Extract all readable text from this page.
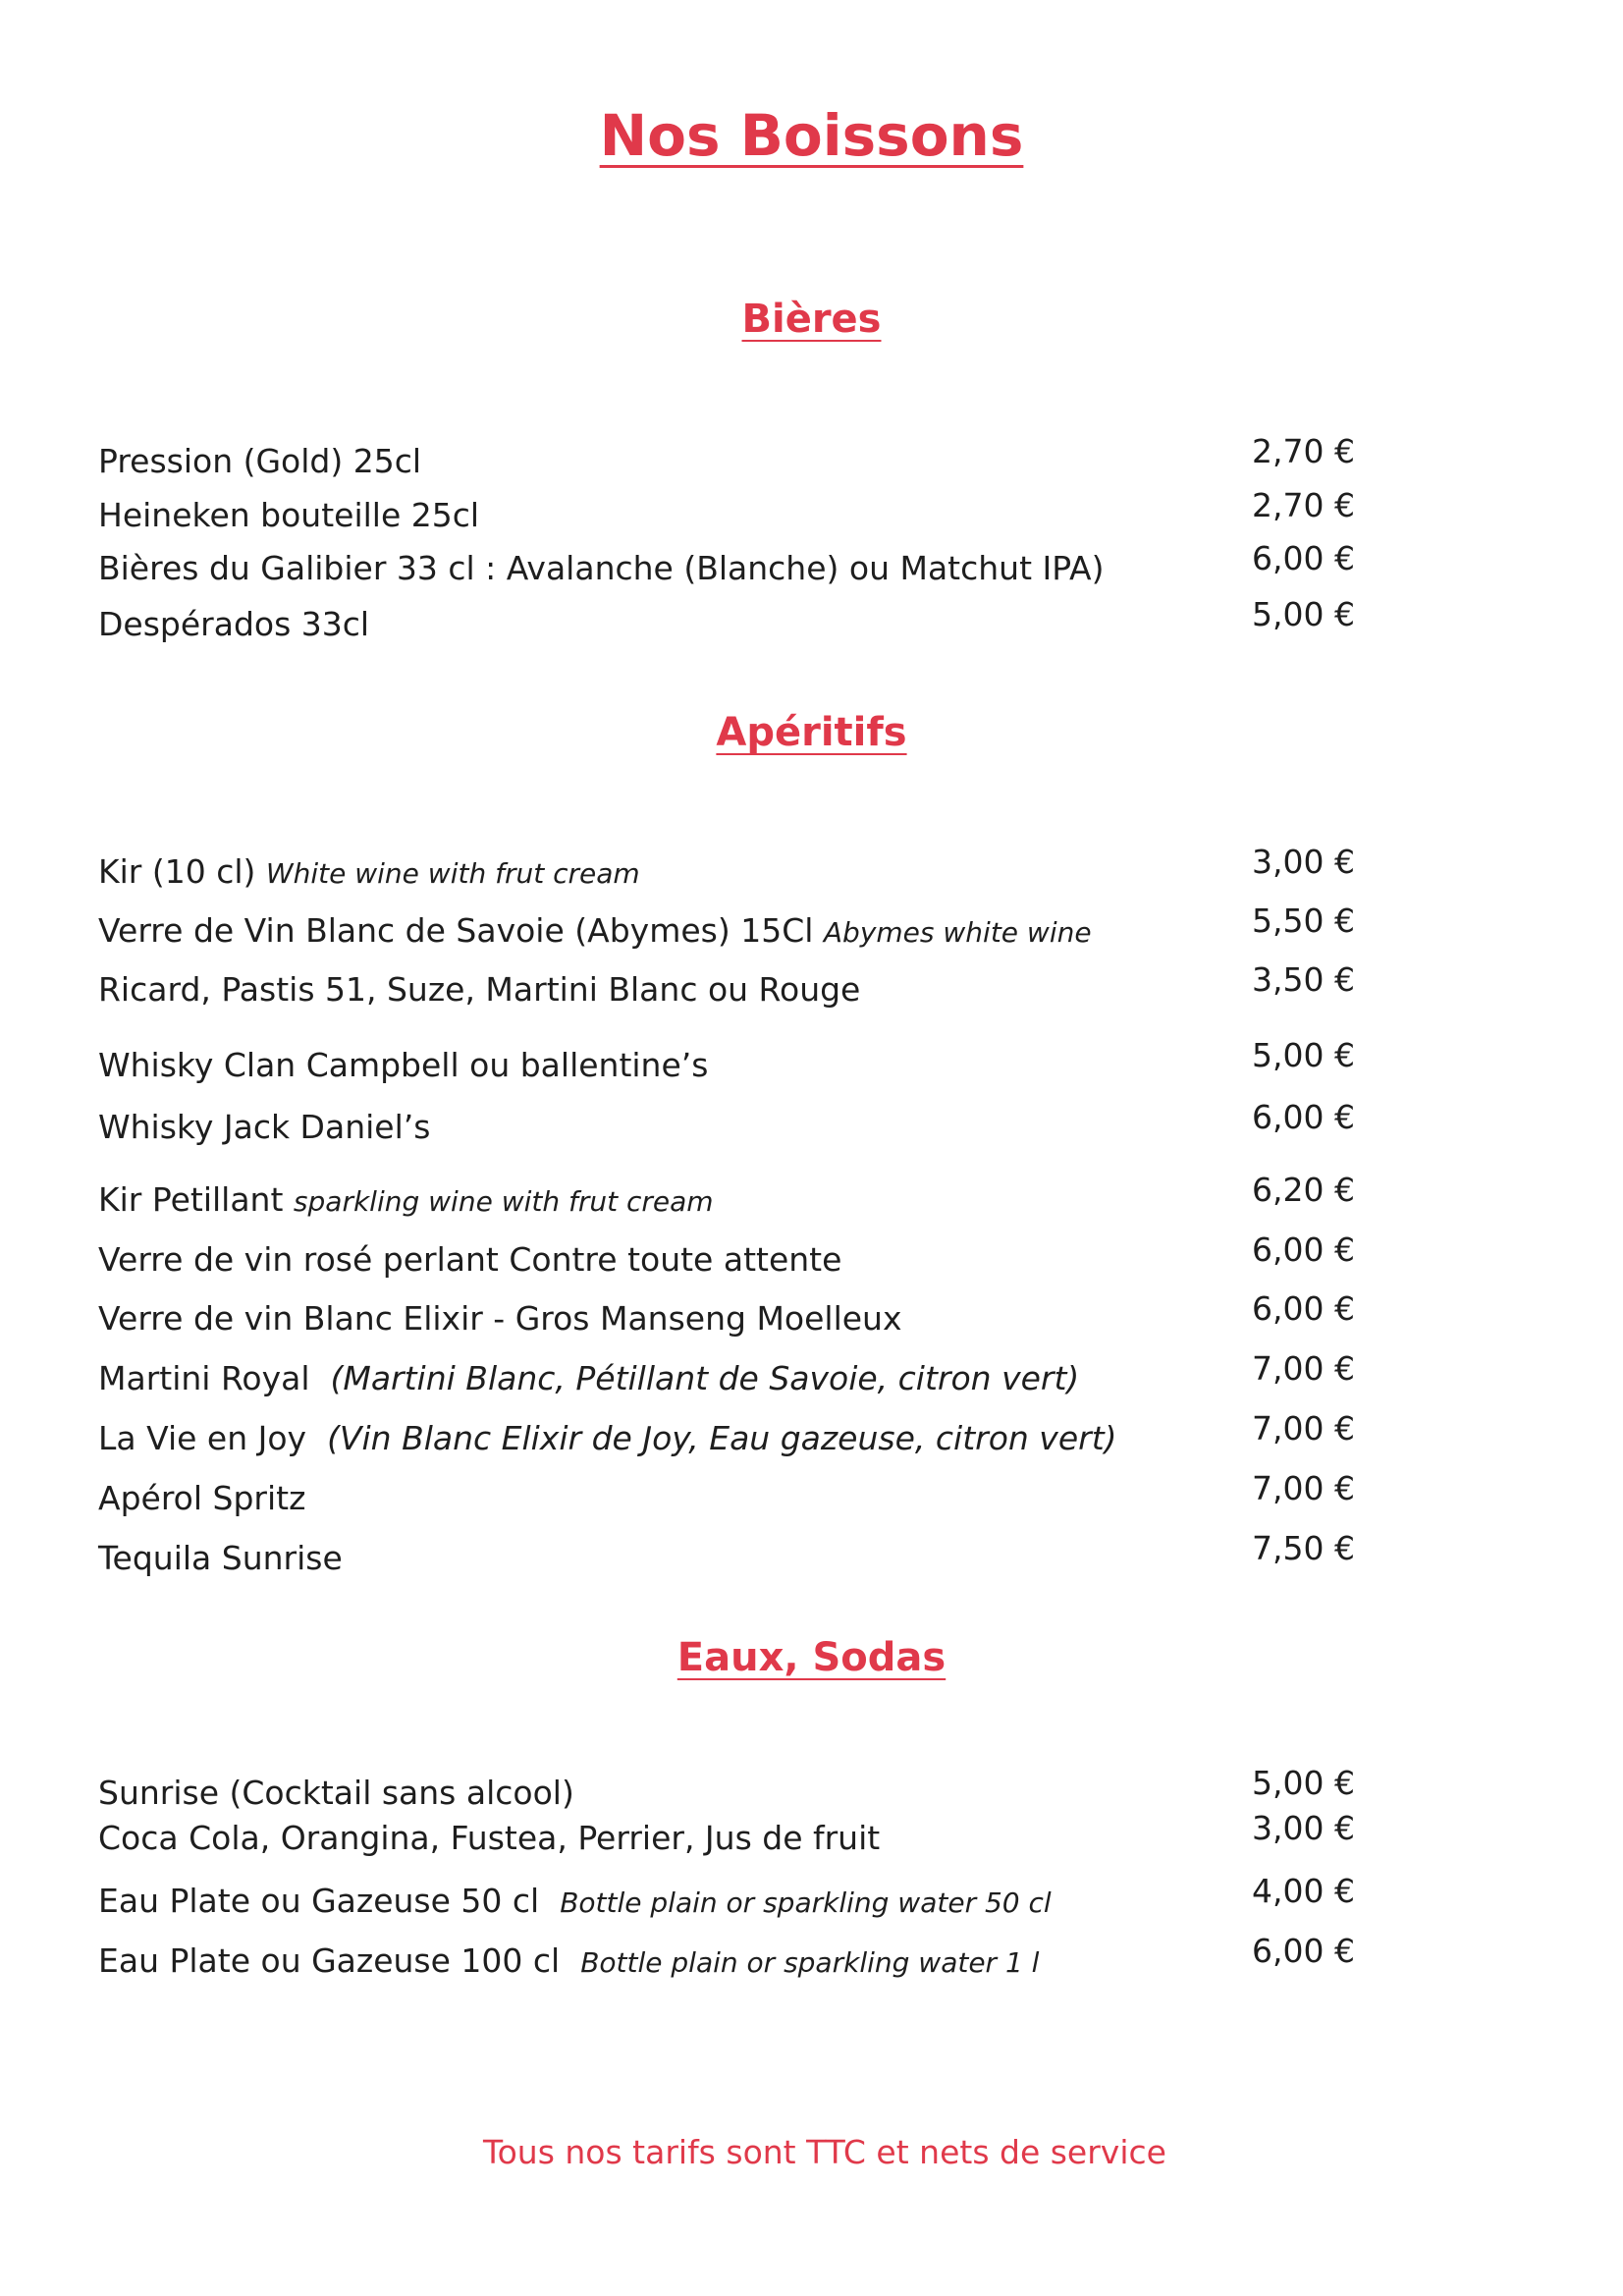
Nos Boissons
Bières
Pression (Gold) 25cl	2,70 €
Heineken bouteille 25cl	2,70 €
Bières du Galibier 33 cl : Avalanche (Blanche) ou Matchut IPA)	6,00 €
Despérados 33cl	5,00 €
Apéritifs
Kir (10 cl) White wine with frut cream	3,00 €
Verre de Vin Blanc de Savoie (Abymes) 15Cl Abymes white wine	5,50 €
Ricard, Pastis 51, Suze, Martini Blanc ou Rouge	3,50 €
Whisky Clan Campbell ou ballentine’s	5,00 €
Whisky Jack Daniel’s	6,00 €
Kir Petillant sparkling wine with frut cream	6,20 €
Verre de vin rosé perlant Contre toute attente	6,00 €
Verre de vin Blanc Elixir - Gros Manseng Moelleux	6,00 €
Martini Royal (Martini Blanc, Pétillant de Savoie, citron vert)	7,00 €
La Vie en Joy (Vin Blanc Elixir de Joy, Eau gazeuse, citron vert)	7,00 €
Apérol Spritz	7,00 €
Tequila Sunrise	7,50 €
Eaux, Sodas
Sunrise (Cocktail sans alcool)	5,00 €
Coca Cola, Orangina, Fustea, Perrier, Jus de fruit	3,00 €
Eau Plate ou Gazeuse 50 cl Bottle plain or sparkling water 50 cl	4,00 €
Eau Plate ou Gazeuse 100 cl Bottle plain or sparkling water 1 l	6,00 €
Tous nos tarifs sont TTC et nets de service
